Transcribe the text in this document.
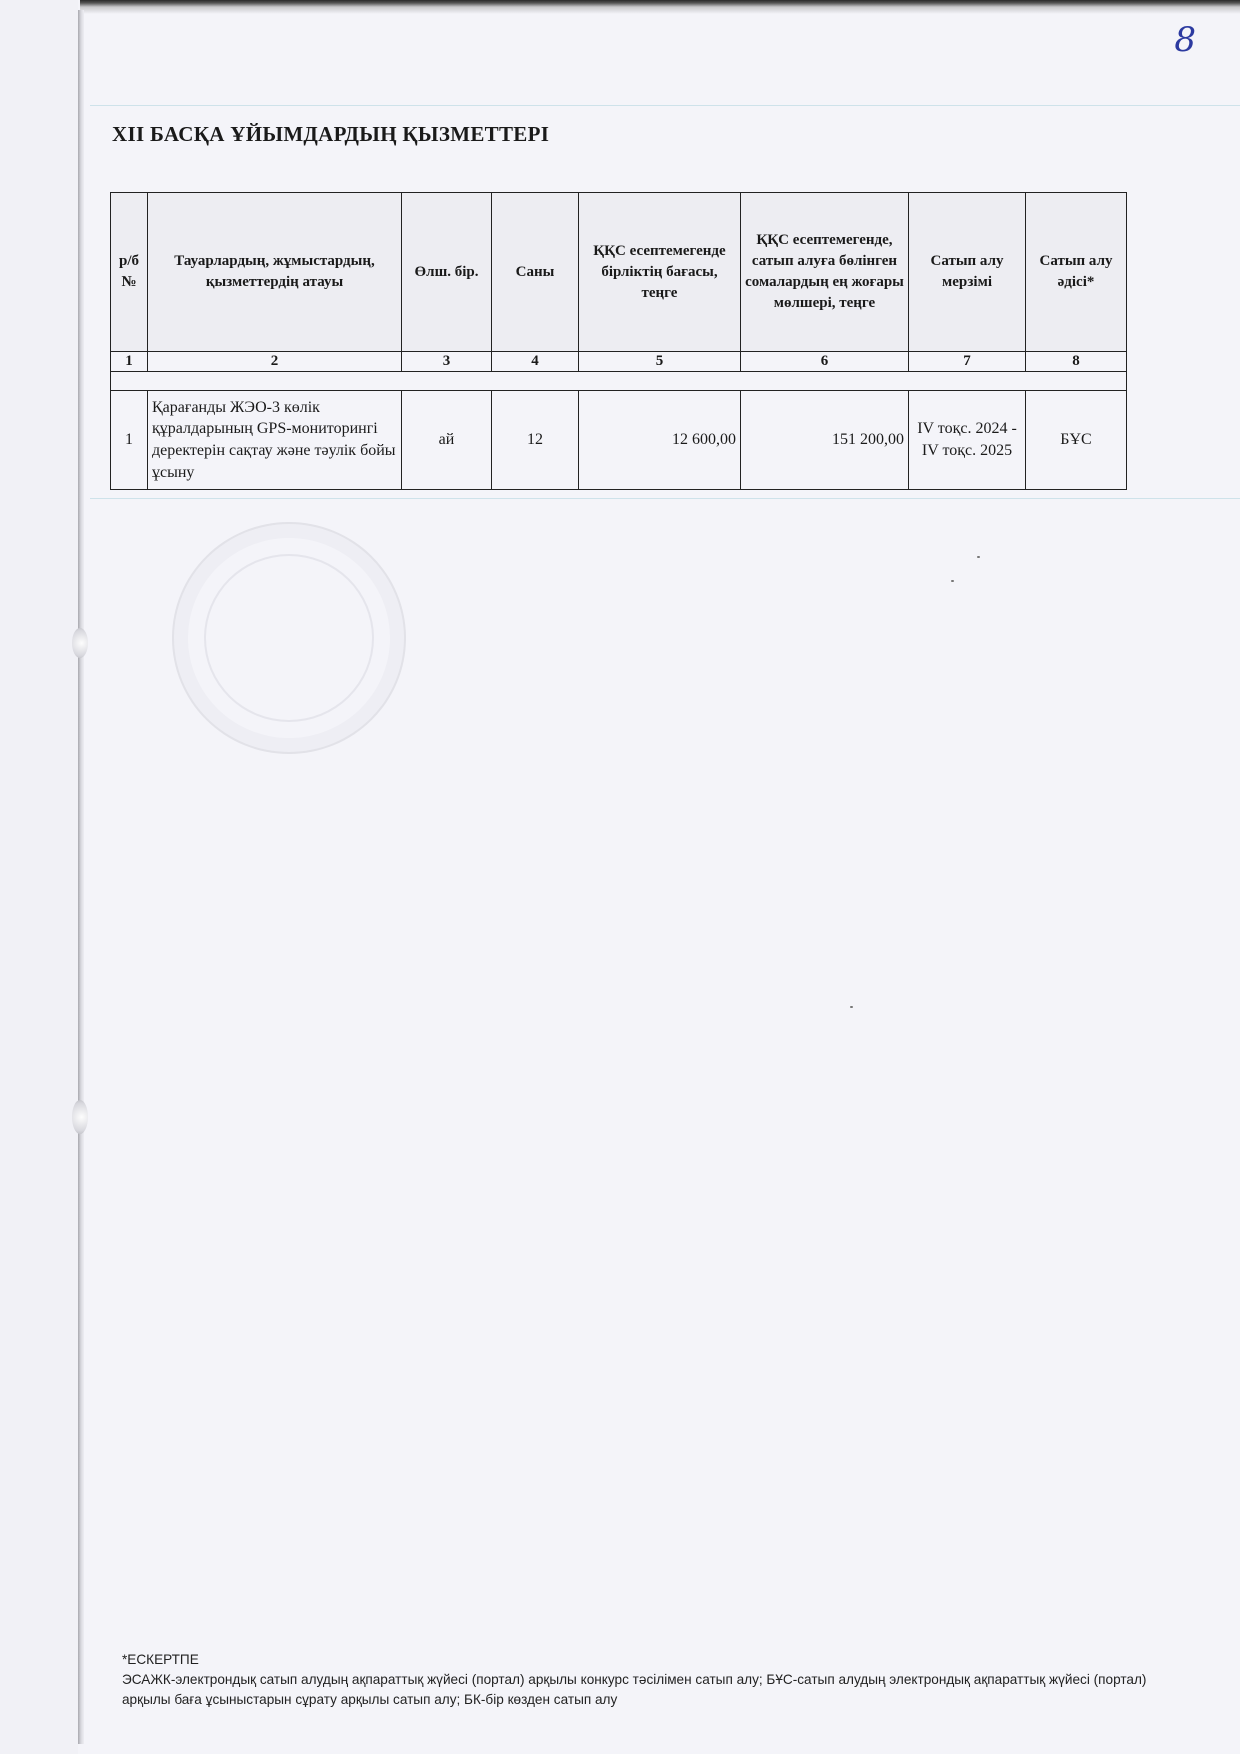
8
XII БАСҚА ҰЙЫМДАРДЫҢ ҚЫЗМЕТТЕРІ
р/б №	Тауарлардың, жұмыстардың, қызметтердің атауы	Өлш. бір.	Саны	ҚҚС есептемегенде бірліктің бағасы, теңге	ҚҚС есептемегенде, сатып алуға бөлінген сомалардың ең жоғары мөлшері, теңге	Сатып алу мерзімі	Сатып алу әдісі*
1	2	3	4	5	6	7	8

1	Қарағанды ЖЭО-3 көлік құралдарының GPS-мониторингі деректерін сақтау және тәулік бойы ұсыну	ай	12	12 600,00	151 200,00	IV тоқс. 2024 - IV тоқс. 2025	БҰС

*ЕСКЕРТПЕ

ЭСАЖК-электрондық сатып алудың ақпараттық жүйесі (портал) арқылы конкурс тәсілімен сатып алу; БҰС-сатып алудың электрондық ақпараттық жүйесі (портал) арқылы баға ұсыныстарын сұрату арқылы сатып алу; БК-бір көзден сатып алу
